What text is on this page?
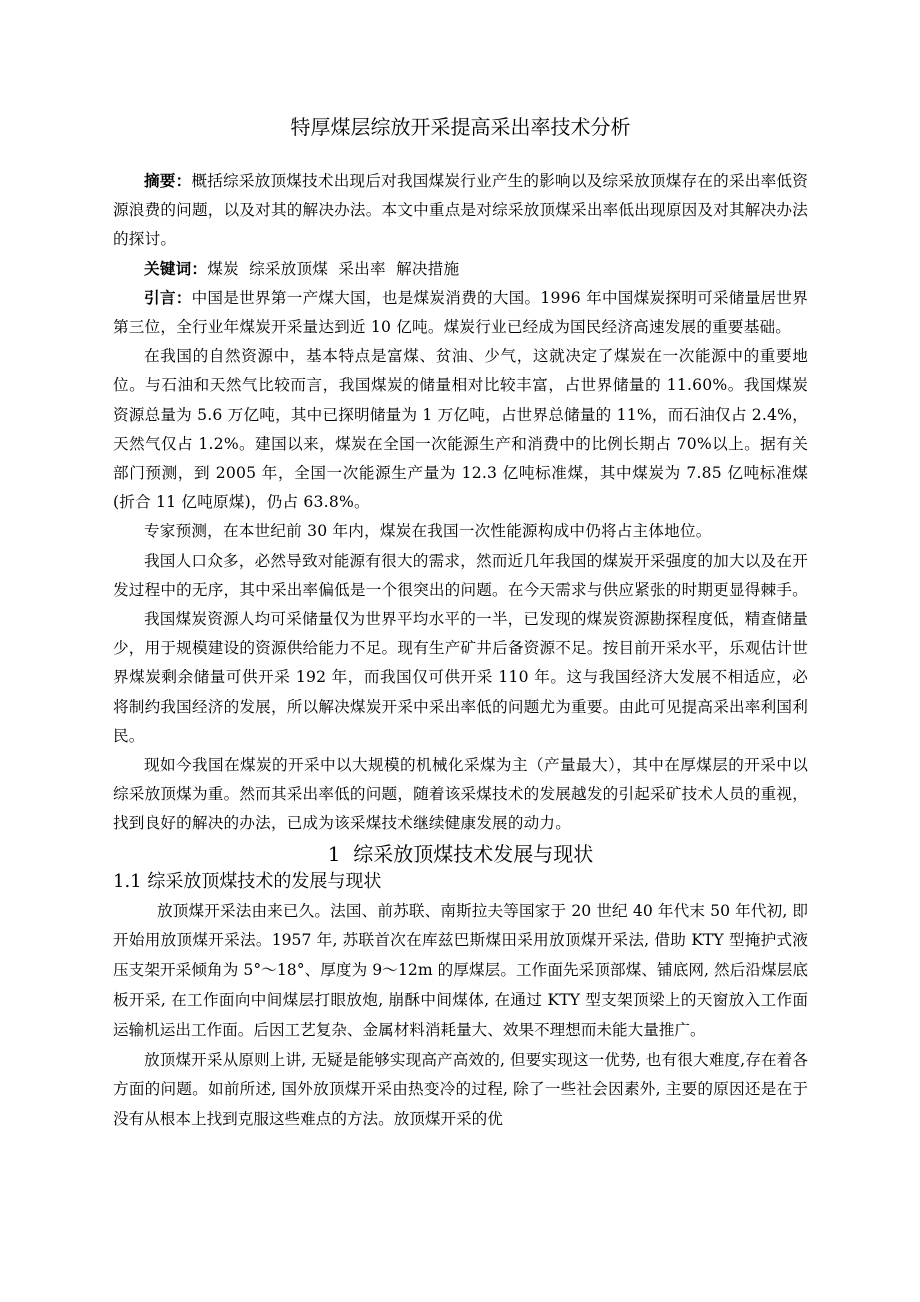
特厚煤层综放开采提高采出率技术分析

摘要：概括综采放顶煤技术出现后对我国煤炭行业产生的影响以及综采放顶煤存在的采出率低资源浪费的问题，以及对其的解决办法。本文中重点是对综采放顶煤采出率低出现原因及对其解决办法的探讨。

关键词：煤炭  综采放顶煤  采出率  解决措施

引言：中国是世界第一产煤大国，也是煤炭消费的大国。1996 年中国煤炭探明可采储量居世界第三位，全行业年煤炭开采量达到近 10 亿吨。煤炭行业已经成为国民经济高速发展的重要基础。

在我国的自然资源中，基本特点是富煤、贫油、少气，这就决定了煤炭在一次能源中的重要地位。与石油和天然气比较而言，我国煤炭的储量相对比较丰富，占世界储量的 11.60%。我国煤炭资源总量为 5.6 万亿吨，其中已探明储量为 1 万亿吨，占世界总储量的 11%，而石油仅占 2.4%，天然气仅占 1.2%。建国以来，煤炭在全国一次能源生产和消费中的比例长期占 70%以上。据有关部门预测，到 2005 年，全国一次能源生产量为 12.3 亿吨标准煤，其中煤炭为 7.85 亿吨标准煤(折合 11 亿吨原煤)，仍占 63.8%。

专家预测，在本世纪前 30 年内，煤炭在我国一次性能源构成中仍将占主体地位。

我国人口众多，必然导致对能源有很大的需求，然而近几年我国的煤炭开采强度的加大以及在开发过程中的无序，其中采出率偏低是一个很突出的问题。在今天需求与供应紧张的时期更显得棘手。

我国煤炭资源人均可采储量仅为世界平均水平的一半，已发现的煤炭资源勘探程度低，精查储量少，用于规模建设的资源供给能力不足。现有生产矿井后备资源不足。按目前开采水平，乐观估计世界煤炭剩余储量可供开采 192 年，而我国仅可供开采 110 年。这与我国经济大发展不相适应，必将制约我国经济的发展，所以解决煤炭开采中采出率低的问题尤为重要。由此可见提高采出率利国利民。

现如今我国在煤炭的开采中以大规模的机械化采煤为主（产量最大），其中在厚煤层的开采中以综采放顶煤为重。然而其采出率低的问题，随着该采煤技术的发展越发的引起采矿技术人员的重视，找到良好的解决的办法，已成为该采煤技术继续健康发展的动力。

1  综采放顶煤技术发展与现状
1.1 综采放顶煤技术的发展与现状

放顶煤开采法由来已久。法国、前苏联、南斯拉夫等国家于 20 世纪 40 年代末 50 年代初, 即开始用放顶煤开采法。1957 年, 苏联首次在库兹巴斯煤田采用放顶煤开采法, 借助 KTY 型掩护式液压支架开采倾角为 5°～18°、厚度为 9～12m 的厚煤层。工作面先采顶部煤、铺底网, 然后沿煤层底板开采, 在工作面向中间煤层打眼放炮, 崩酥中间煤体, 在通过 KTY 型支架顶梁上的天窗放入工作面运输机运出工作面。后因工艺复杂、金属材料消耗量大、效果不理想而未能大量推广。

放顶煤开采从原则上讲, 无疑是能够实现高产高效的, 但要实现这一优势, 也有很大难度,存在着各方面的问题。如前所述, 国外放顶煤开采由热变冷的过程, 除了一些社会因素外, 主要的原因还是在于没有从根本上找到克服这些难点的方法。放顶煤开采的优
